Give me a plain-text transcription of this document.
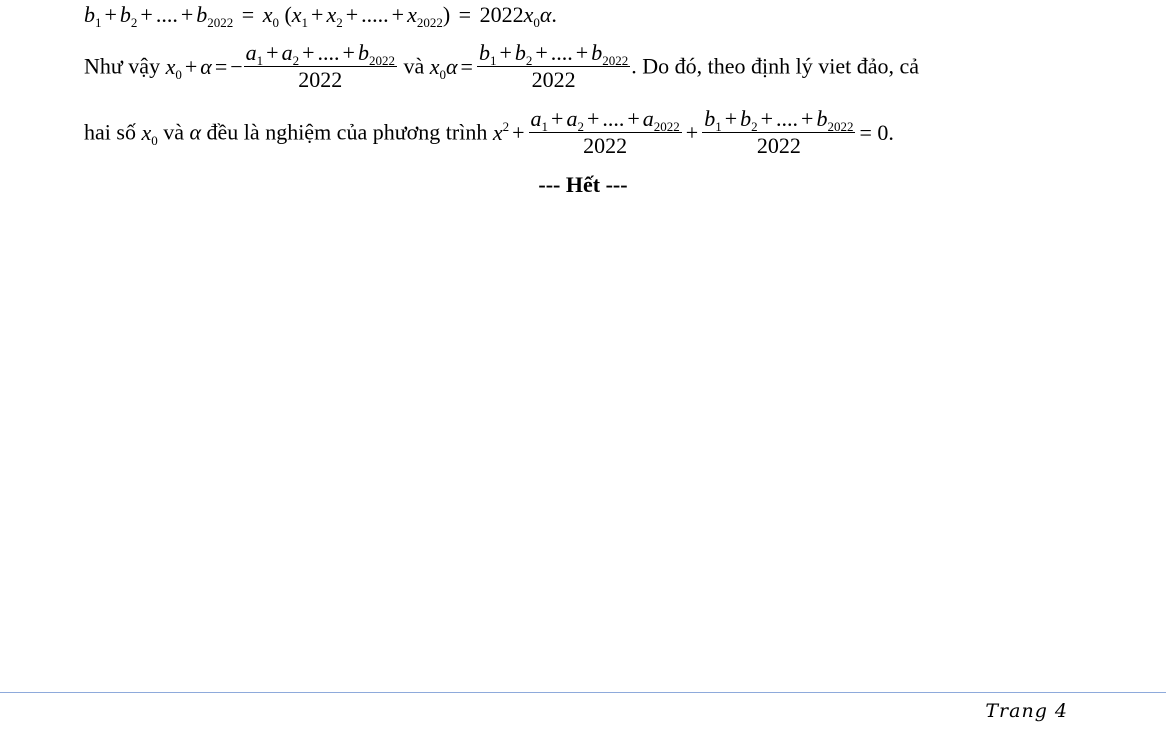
$b_1 + b_2$ + .... + $b_{2022} = x_0$ ($x_1 + x_2$ + ..... + $x_{2022}) = 2022x_0\alpha$.
Như vậy $x_0 + \alpha$ = − $\frac{a_1 + a_2 + .... + b_{2022}}{2022}$ và $x_0\alpha = \frac{b_1 + b_2 + .... + b_{2022}}{2022}$ . Do đó, theo định lý viet đảo, cả
hai số $x_0$ và α đều là nghiệm của phương trình $x^2 + \frac{a_1 + a_2 + .... + a_{2022}}{2022} + \frac{b_1 + b_2 + .... + b_{2022}}{2022} = 0$.
--- Hết ---
Trang 4
